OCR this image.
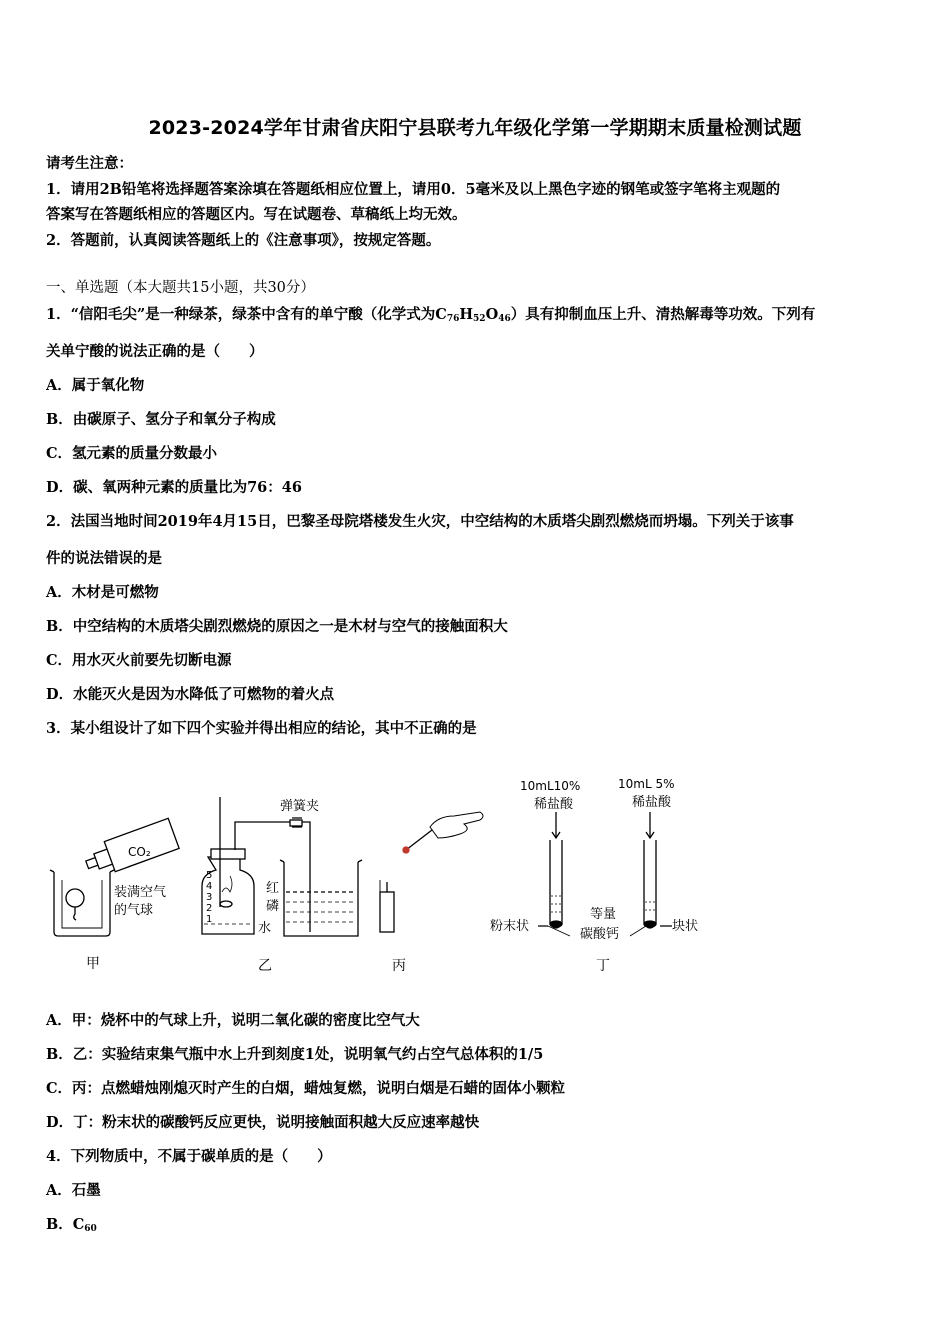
2023-2024学年甘肃省庆阳宁县联考九年级化学第一学期期末质量检测试题
请考生注意：
1．请用2B铅笔将选择题答案涂填在答题纸相应位置上，请用0．5毫米及以上黑色字迹的钢笔或签字笔将主观题的
答案写在答题纸相应的答题区内。写在试题卷、草稿纸上均无效。
2．答题前，认真阅读答题纸上的《注意事项》，按规定答题。
一、单选题（本大题共15小题，共30分）
1．“信阳毛尖”是一种绿茶，绿茶中含有的单宁酸（化学式为$C_{76}H_{52}O_{46}$）具有抑制血压上升、清热解毒等功效。下列有
关单宁酸的说法正确的是（　　）
A．属于氧化物
B．由碳原子、氢分子和氧分子构成
C．氢元素的质量分数最小
D．碳、氧两种元素的质量比为76：46
2．法国当地时间2019年4月15日，巴黎圣母院塔楼发生火灾，中空结构的木质塔尖剧烈燃烧而坍塌。下列关于该事
件的说法错误的是
A．木材是可燃物
B．中空结构的木质塔尖剧烈燃烧的原因之一是木材与空气的接触面积大
C．用水灭火前要先切断电源
D．水能灭火是因为水降低了可燃物的着火点
3．某小组设计了如下四个实验并得出相应的结论，其中不正确的是
CO₂
装满空气
的气球
弹簧夹
红
磷
水
5
4
3
2
1
10mL10%
稀盐酸
10mL 5%
稀盐酸
粉末状
等量
碳酸钙
块状
甲	乙	丙	丁
A．甲：烧杯中的气球上升，说明二氧化碳的密度比空气大
B．乙：实验结束集气瓶中水上升到刻度1处，说明氧气约占空气总体积的1/5
C．丙：点燃蜡烛刚熄灭时产生的白烟，蜡烛复燃，说明白烟是石蜡的固体小颗粒
D．丁：粉末状的碳酸钙反应更快，说明接触面积越大反应速率越快
4．下列物质中，不属于碳单质的是（　　）
A．石墨
B．$C_{60}$
